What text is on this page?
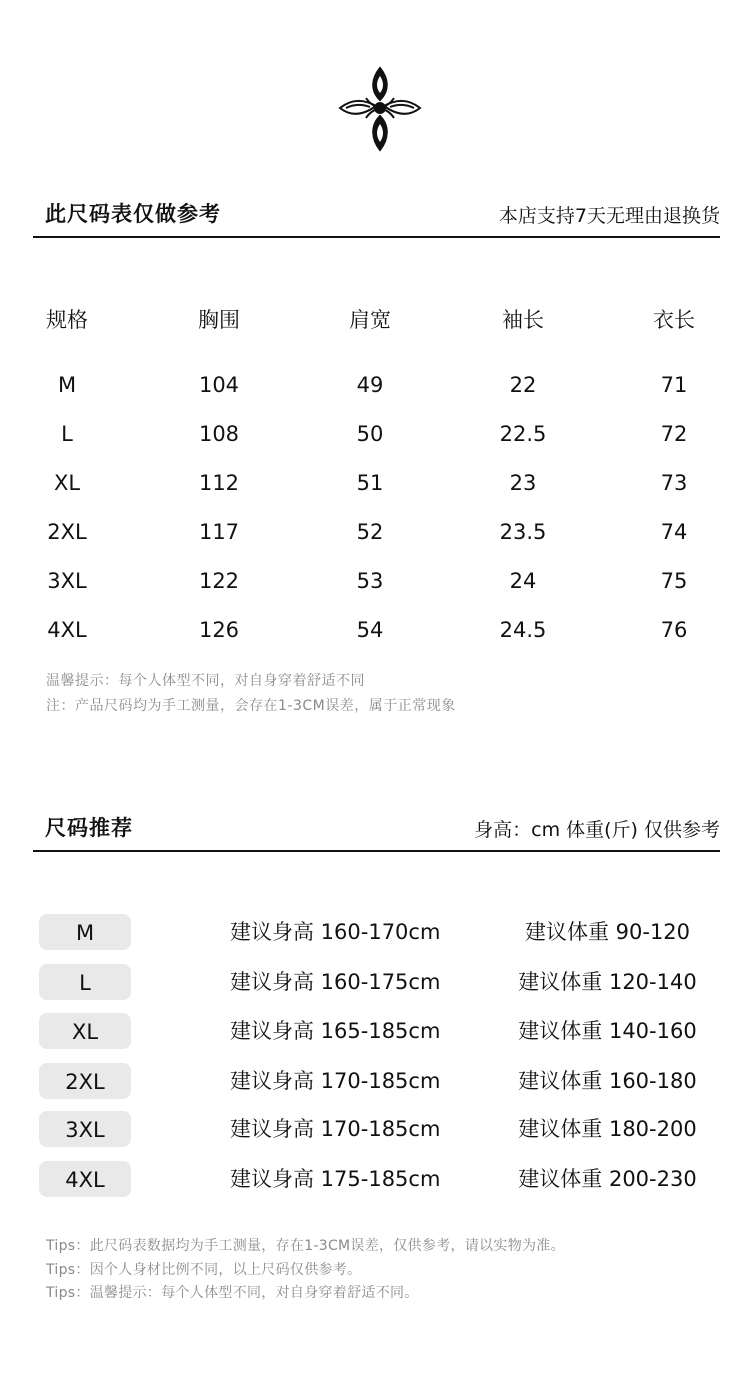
此尺码表仅做参考	本店支持7天无理由退换货
规格	胸围	肩宽	袖长	衣长
M	104	49	22	71
L	108	50	22.5	72
XL	112	51	23	73
2XL	117	52	23.5	74
3XL	122	53	24	75
4XL	126	54	24.5	76
温馨提示：每个人体型不同，对自身穿着舒适不同
注：产品尺码均为手工测量，会存在1-3CM误差，属于正常现象
尺码推荐	身高：cm 体重(斤) 仅供参考
M	建议身高 160-170cm	建议体重 90-120
L	建议身高 160-175cm	建议体重 120-140
XL	建议身高 165-185cm	建议体重 140-160
2XL	建议身高 170-185cm	建议体重 160-180
3XL	建议身高 170-185cm	建议体重 180-200
4XL	建议身高 175-185cm	建议体重 200-230
Tips：此尺码表数据均为手工测量，存在1-3CM误差，仅供参考，请以实物为准。
Tips：因个人身材比例不同，以上尺码仅供参考。
Tips：温馨提示：每个人体型不同，对自身穿着舒适不同。
